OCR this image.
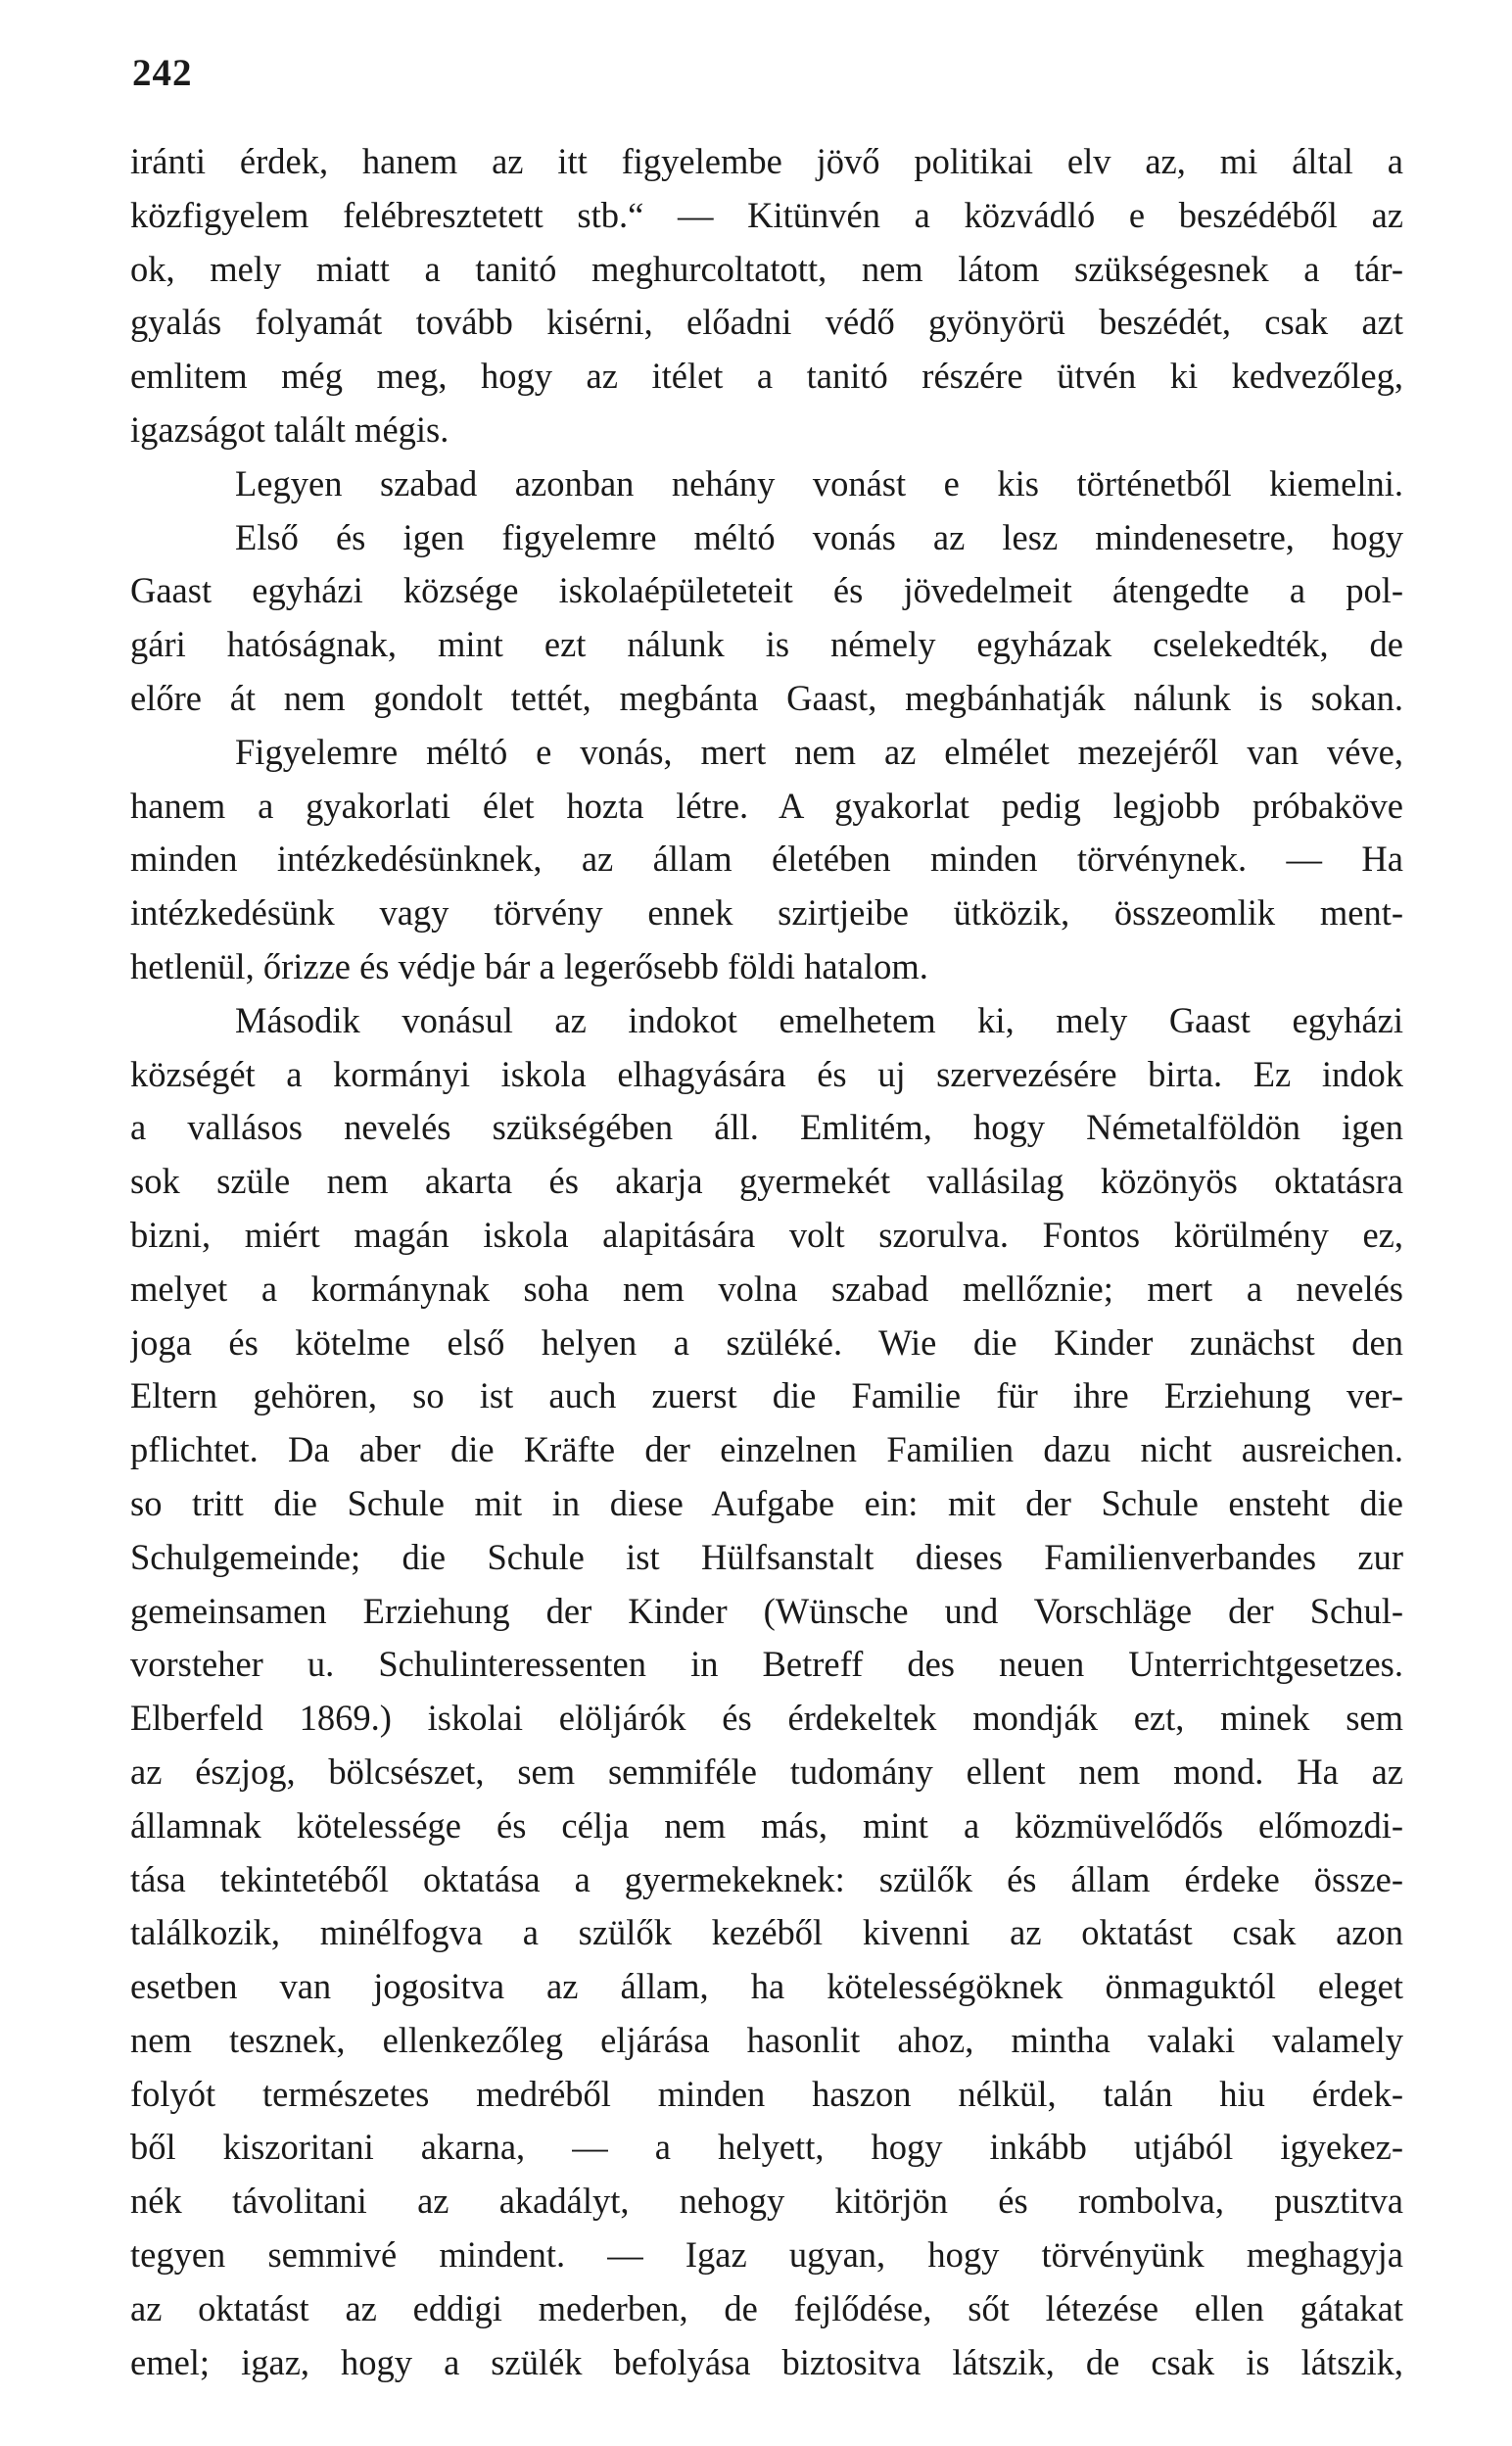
242
iránti érdek, hanem az itt figyelembe jövő politikai elv az, mi által a
közfigyelem felébresztetett stb.“ — Kitünvén a közvádló e beszédéből az
ok, mely miatt a tanitó meghurcoltatott, nem látom szükségesnek a tár-
gyalás folyamát tovább kisérni, előadni védő gyönyörü beszédét, csak azt
emlitem még meg, hogy az itélet a tanitó részére ütvén ki kedvezőleg,
igazságot talált mégis.
Legyen szabad azonban nehány vonást e kis történetből kiemelni.
Első és igen figyelemre méltó vonás az lesz mindenesetre, hogy
Gaast egyházi községe iskolaépületeteit és jövedelmeit átengedte a pol-
gári hatóságnak, mint ezt nálunk is némely egyházak cselekedték, de
előre át nem gondolt tettét, megbánta Gaast, megbánhatják nálunk is sokan.
Figyelemre méltó e vonás, mert nem az elmélet mezejéről van véve,
hanem a gyakorlati élet hozta létre. A gyakorlat pedig legjobb próbaköve
minden intézkedésünknek, az állam életében minden törvénynek. — Ha
intézkedésünk vagy törvény ennek szirtjeibe ütközik, összeomlik ment-
hetlenül, őrizze és védje bár a legerősebb földi hatalom.
Második vonásul az indokot emelhetem ki, mely Gaast egyházi
községét a kormányi iskola elhagyására és uj szervezésére birta. Ez indok
a vallásos nevelés szükségében áll. Emlitém, hogy Németalföldön igen
sok szüle nem akarta és akarja gyermekét vallásilag közönyös oktatásra
bizni, miért magán iskola alapitására volt szorulva. Fontos körülmény ez,
melyet a kormánynak soha nem volna szabad mellőznie; mert a nevelés
joga és kötelme első helyen a szüléké. Wie die Kinder zunächst den
Eltern gehören, so ist auch zuerst die Familie für ihre Erziehung ver-
pflichtet. Da aber die Kräfte der einzelnen Familien dazu nicht ausreichen.
so tritt die Schule mit in diese Aufgabe ein: mit der Schule ensteht die
Schulgemeinde; die Schule ist Hülfsanstalt dieses Familienverbandes zur
gemeinsamen Erziehung der Kinder (Wünsche und Vorschläge der Schul-
vorsteher u. Schulinteressenten in Betreff des neuen Unterrichtgesetzes.
Elberfeld 1869.) iskolai elöljárók és érdekeltek mondják ezt, minek sem
az észjog, bölcsészet, sem semmiféle tudomány ellent nem mond. Ha az
államnak kötelessége és célja nem más, mint a közmüvelődős előmozdi-
tása tekintetéből oktatása a gyermekeknek: szülők és állam érdeke össze-
találkozik, minélfogva a szülők kezéből kivenni az oktatást csak azon
esetben van jogositva az állam, ha kötelességöknek önmaguktól eleget
nem tesznek, ellenkezőleg eljárása hasonlit ahoz, mintha valaki valamely
folyót természetes medréből minden haszon nélkül, talán hiu érdek-
ből kiszoritani akarna, — a helyett, hogy inkább utjából igyekez-
nék távolitani az akadályt, nehogy kitörjön és rombolva, pusztitva
tegyen semmivé mindent. — Igaz ugyan, hogy törvényünk meghagyja
az oktatást az eddigi mederben, de fejlődése, sőt létezése ellen gátakat
emel; igaz, hogy a szülék befolyása biztositva látszik, de csak is látszik,
